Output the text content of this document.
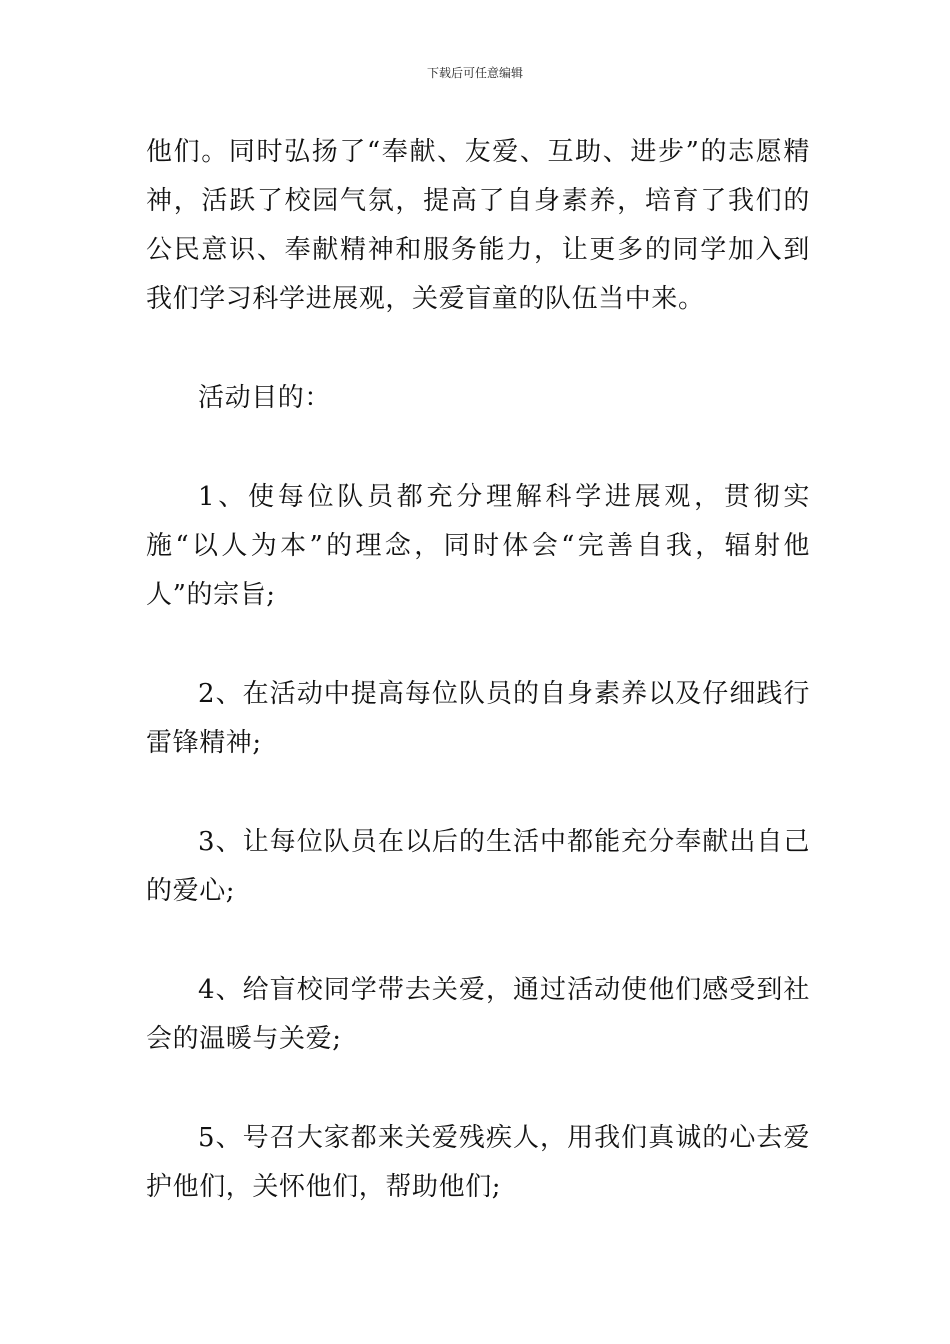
下载后可任意编辑

他们。同时弘扬了“奉献、友爱、互助、进步”的志愿精神，活跃了校园气氛，提高了自身素养，培育了我们的公民意识、奉献精神和服务能力，让更多的同学加入到我们学习科学进展观，关爱盲童的队伍当中来。

活动目的：

1、使每位队员都充分理解科学进展观，贯彻实施“以人为本”的理念，同时体会“完善自我，辐射他人”的宗旨;

2、在活动中提高每位队员的自身素养以及仔细践行雷锋精神;

3、让每位队员在以后的生活中都能充分奉献出自己的爱心;

4、给盲校同学带去关爱，通过活动使他们感受到社会的温暖与关爱;

5、号召大家都来关爱残疾人，用我们真诚的心去爱护他们，关怀他们，帮助他们;
